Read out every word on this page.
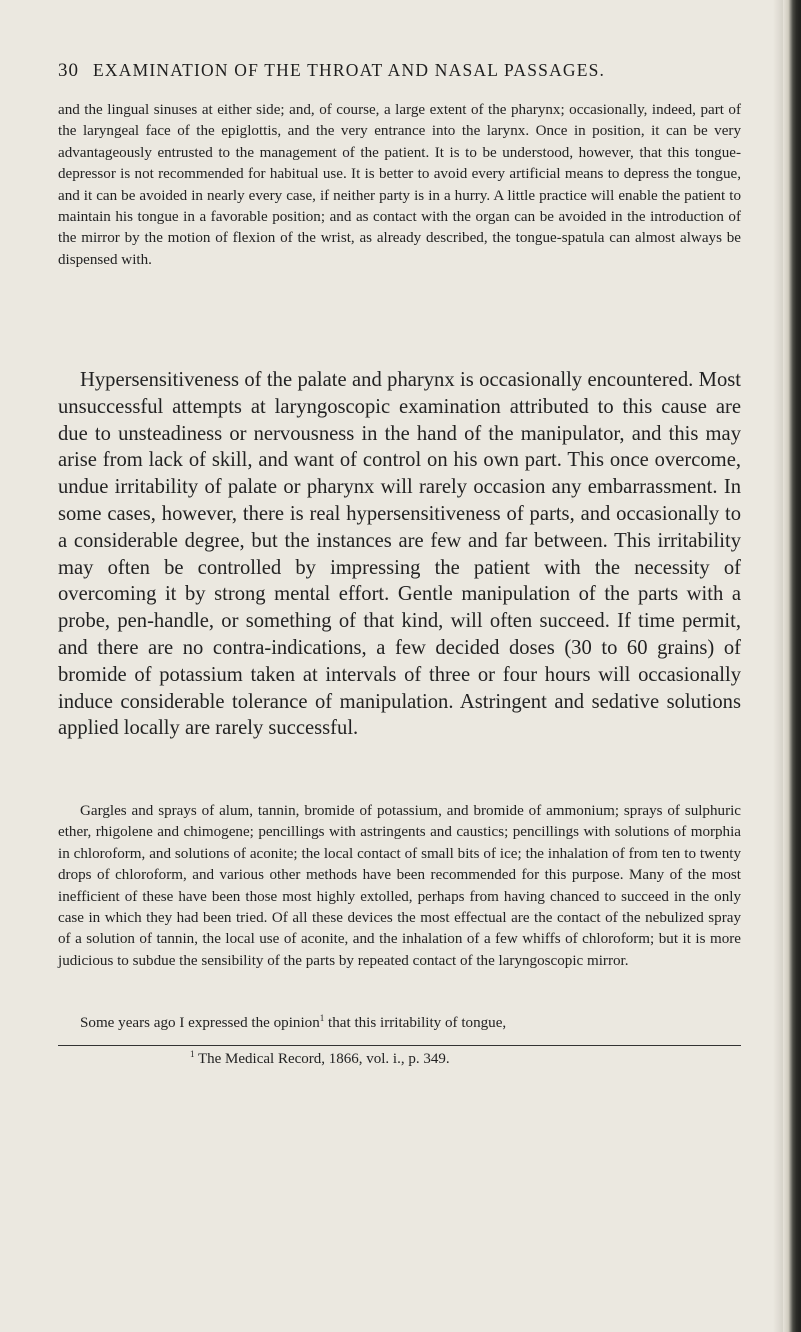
30 EXAMINATION OF THE THROAT AND NASAL PASSAGES.

and the lingual sinuses at either side; and, of course, a large extent of the pharynx; occasionally, indeed, part of the laryngeal face of the epiglottis, and the very entrance into the larynx. Once in position, it can be very advantageously entrusted to the management of the patient. It is to be understood, however, that this tongue-depressor is not recommended for habitual use. It is better to avoid every artificial means to depress the tongue, and it can be avoided in nearly every case, if neither party is in a hurry. A little practice will enable the patient to maintain his tongue in a favorable position; and as contact with the organ can be avoided in the introduction of the mirror by the motion of flexion of the wrist, as already described, the tongue-spatula can almost always be dispensed with.

Hypersensitiveness of the palate and pharynx is occasionally encountered. Most unsuccessful attempts at laryngoscopic examination attributed to this cause are due to unsteadiness or nervousness in the hand of the manipulator, and this may arise from lack of skill, and want of control on his own part. This once overcome, undue irritability of palate or pharynx will rarely occasion any embarrassment. In some cases, however, there is real hypersensitiveness of parts, and occasionally to a considerable degree, but the instances are few and far between. This irritability may often be controlled by impressing the patient with the necessity of overcoming it by strong mental effort. Gentle manipulation of the parts with a probe, pen-handle, or something of that kind, will often succeed. If time permit, and there are no contra-indications, a few decided doses (30 to 60 grains) of bromide of potassium taken at intervals of three or four hours will occasionally induce considerable tolerance of manipulation. Astringent and sedative solutions applied locally are rarely successful.

Gargles and sprays of alum, tannin, bromide of potassium, and bromide of ammonium; sprays of sulphuric ether, rhigolene and chimogene; pencillings with astringents and caustics; pencillings with solutions of morphia in chloroform, and solutions of aconite; the local contact of small bits of ice; the inhalation of from ten to twenty drops of chloroform, and various other methods have been recommended for this purpose. Many of the most inefficient of these have been those most highly extolled, perhaps from having chanced to succeed in the only case in which they had been tried. Of all these devices the most effectual are the contact of the nebulized spray of a solution of tannin, the local use of aconite, and the inhalation of a few whiffs of chloroform; but it is more judicious to subdue the sensibility of the parts by repeated contact of the laryngoscopic mirror.

Some years ago I expressed the opinion$^1$ that this irritability of tongue,

$^1$ The Medical Record, 1866, vol. i., p. 349.
